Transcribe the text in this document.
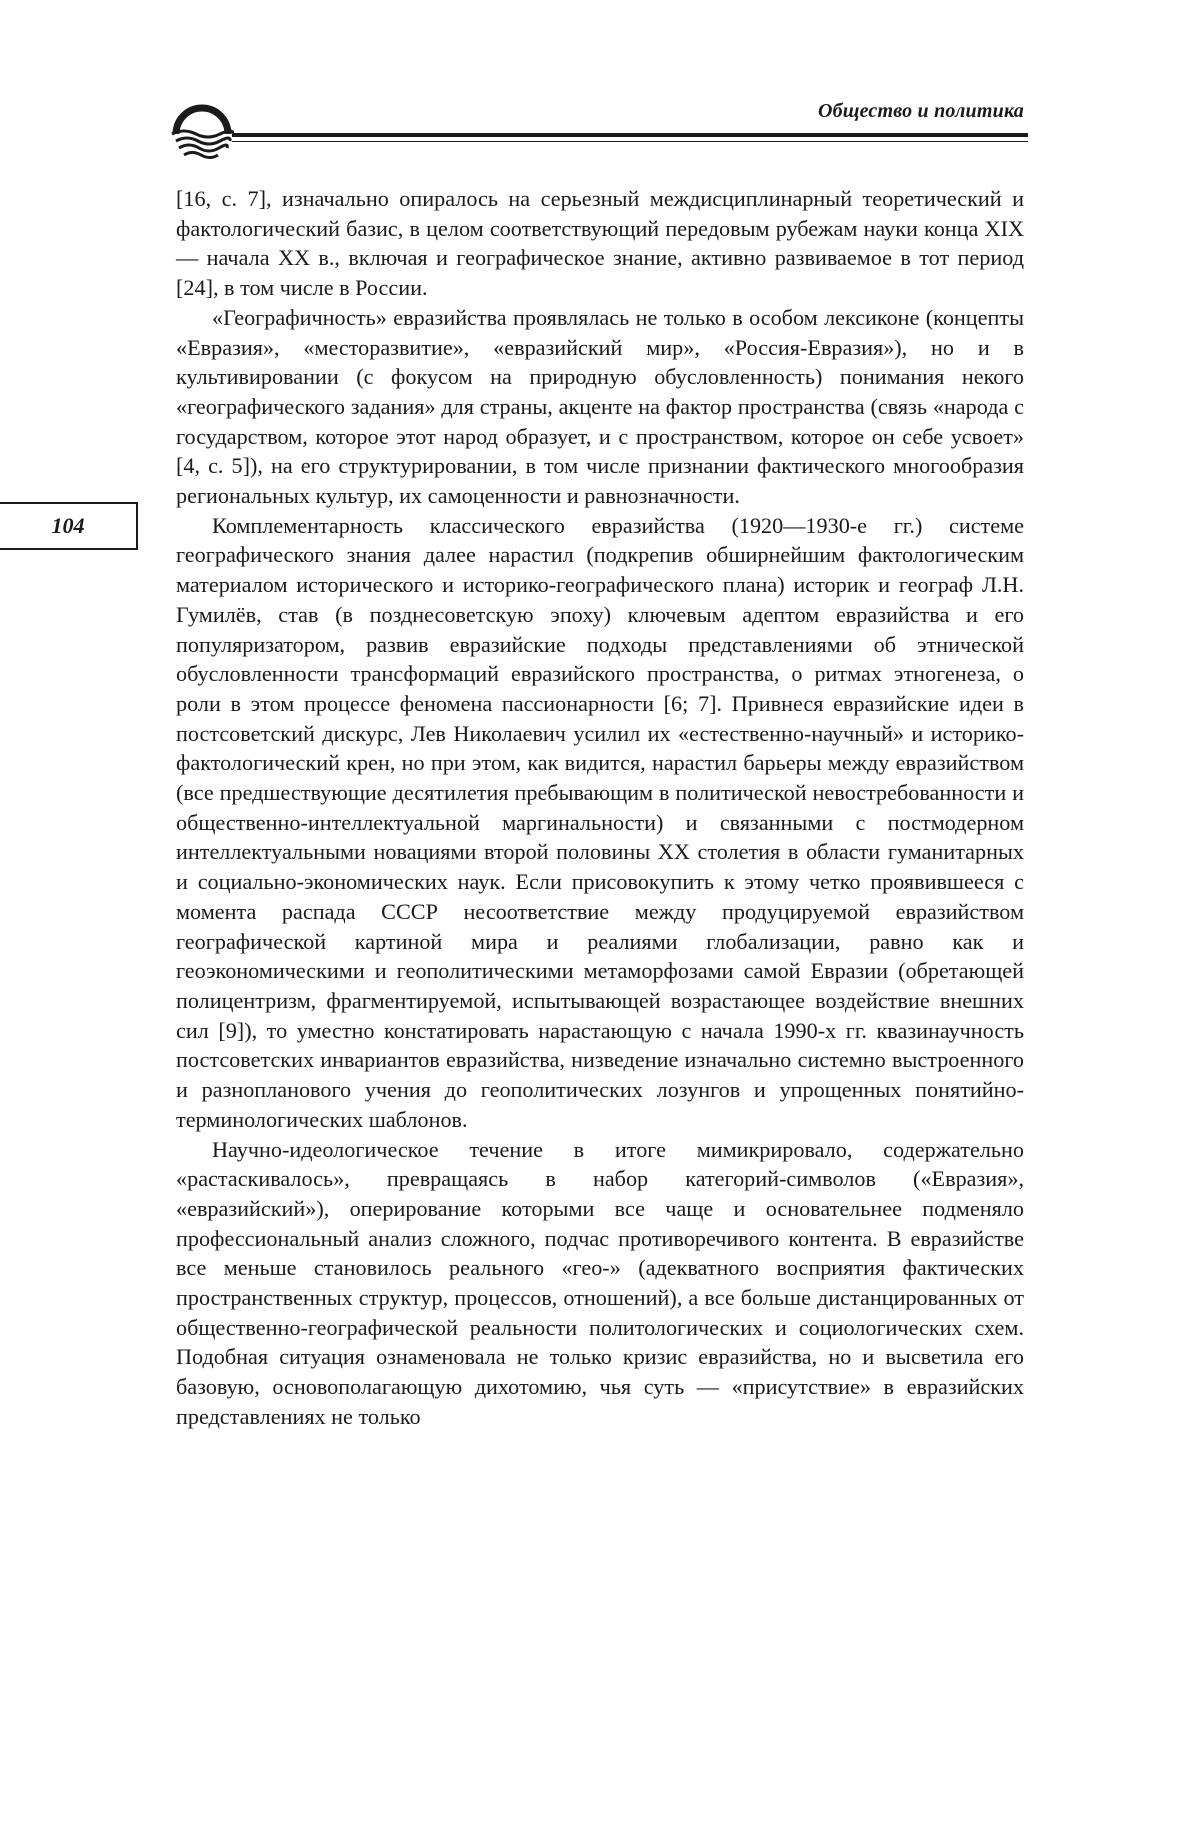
Общество и политика
104

[16, с. 7], изначально опиралось на серьезный междисциплинарный теоретический и фактологический базис, в целом соответствующий передовым рубежам науки конца XIX — начала XX в., включая и географическое знание, активно развиваемое в тот период [24], в том числе в России.

«Географичность» евразийства проявлялась не только в особом лексиконе (концепты «Евразия», «месторазвитие», «евразийский мир», «Россия-Евразия»), но и в культивировании (с фокусом на природную обусловленность) понимания некого «географического задания» для страны, акценте на фактор пространства (связь «народа с государством, которое этот народ образует, и с пространством, которое он себе усвоет» [4, с. 5]), на его структурировании, в том числе признании фактического многообразия региональных культур, их самоценности и равнозначности.

Комплементарность классического евразийства (1920—1930-е гг.) системе географического знания далее нарастил (подкрепив обширнейшим фактологическим материалом исторического и историко-географического плана) историк и географ Л.Н. Гумилёв, став (в позднесоветскую эпоху) ключевым адептом евразийства и его популяризатором, развив евразийские подходы представлениями об этнической обусловленности трансформаций евразийского пространства, о ритмах этногенеза, о роли в этом процессе феномена пассионарности [6; 7]. Привнеся евразийские идеи в постсоветский дискурс, Лев Николаевич усилил их «естественно-научный» и историко-фактологический крен, но при этом, как видится, нарастил барьеры между евразийством (все предшествующие десятилетия пребывающим в политической невостребованности и общественно-интеллектуальной маргинальности) и связанными с постмодерном интеллектуальными новациями второй половины XX столетия в области гуманитарных и социально-экономических наук. Если присовокупить к этому четко проявившееся с момента распада СССР несоответствие между продуцируемой евразийством географической картиной мира и реалиями глобализации, равно как и геоэкономическими и геополитическими метаморфозами самой Евразии (обретающей полицентризм, фрагментируемой, испытывающей возрастающее воздействие внешних сил [9]), то уместно констатировать нарастающую с начала 1990-х гг. квазинаучность постсоветских инвариантов евразийства, низведение изначально системно выстроенного и разнопланового учения до геополитических лозунгов и упрощенных понятийно-терминологических шаблонов.

Научно-идеологическое течение в итоге мимикрировало, содержательно «растаскивалось», превращаясь в набор категорий-символов («Евразия», «евразийский»), оперирование которыми все чаще и основательнее подменяло профессиональный анализ сложного, подчас противоречивого контента. В евразийстве все меньше становилось реального «гео-» (адекватного восприятия фактических пространственных структур, процессов, отношений), а все больше дистанцированных от общественно-географической реальности политологических и социологических схем. Подобная ситуация ознаменовала не только кризис евразийства, но и высветила его базовую, основополагающую дихотомию, чья суть — «присутствие» в евразийских представлениях не только
